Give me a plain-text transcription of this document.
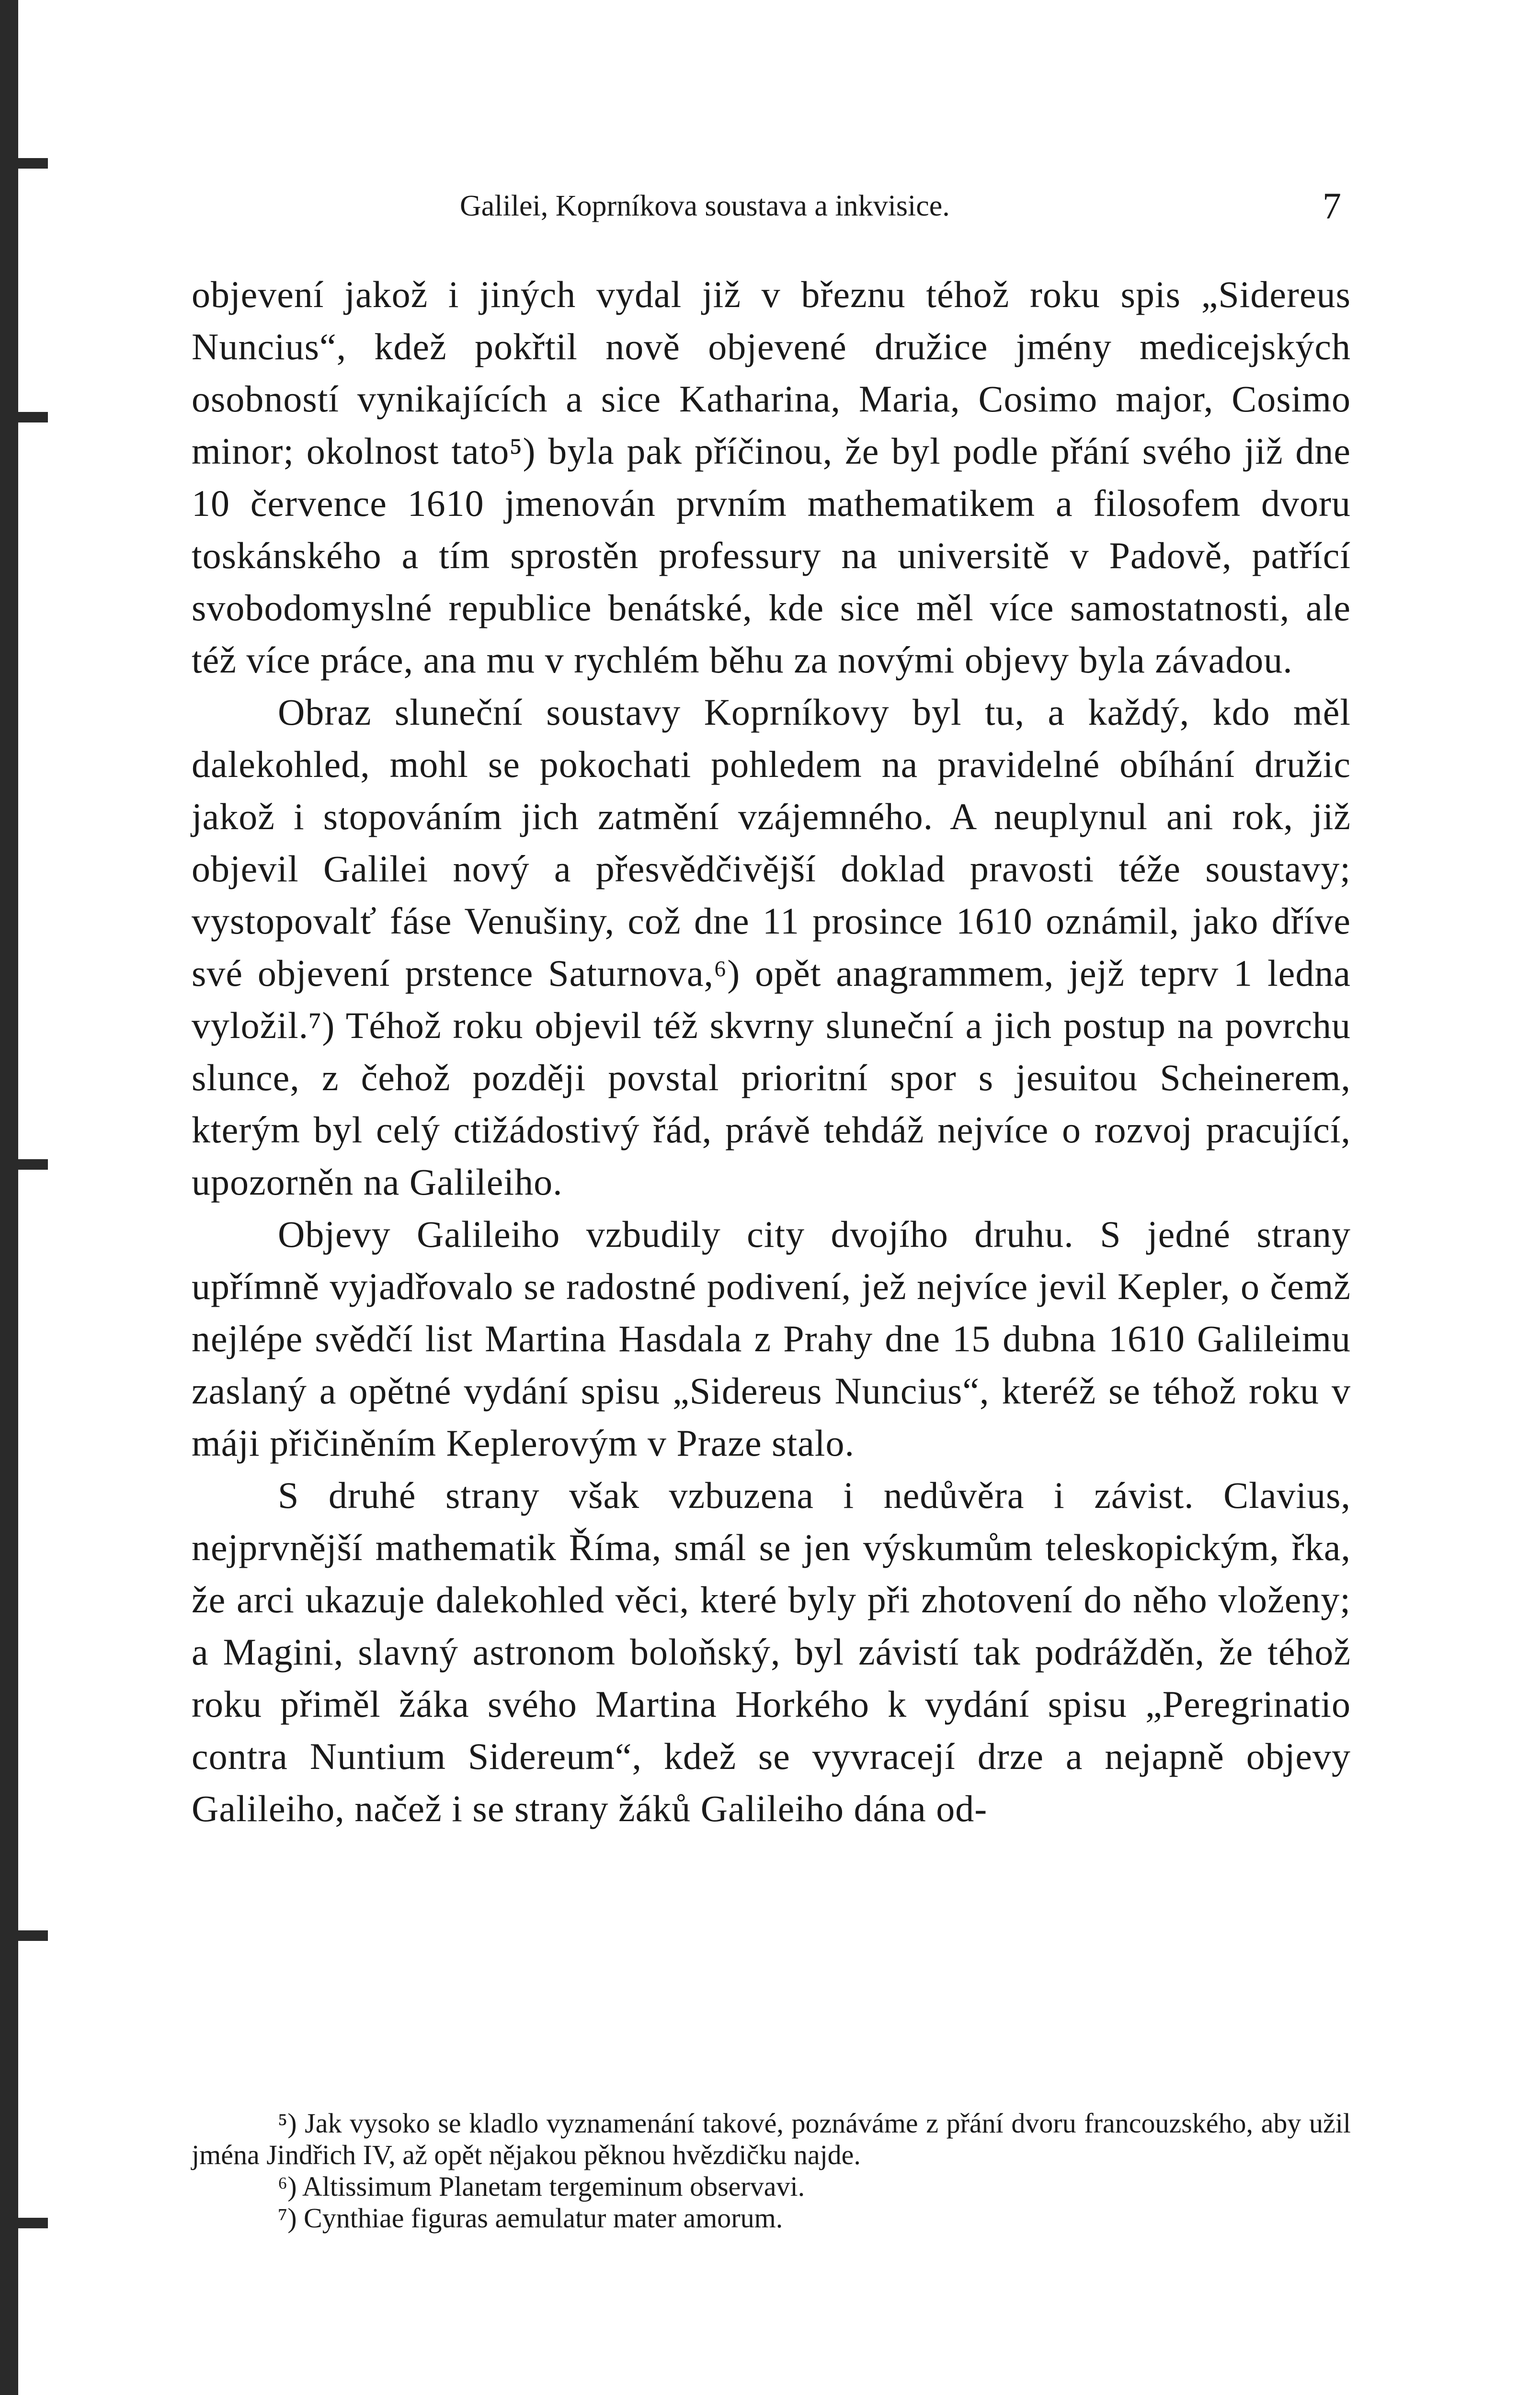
Galilei, Koprníkova soustava a inkvisice.	7

objevení jakož i jiných vydal již v březnu téhož roku spis „Sidereus Nuncius“, kdež pokřtil nově objevené družice jmény medicejských osobností vynikajících a sice Katharina, Maria, Cosimo major, Cosimo minor; okolnost tato⁵) byla pak příčinou, že byl podle přání svého již dne 10 července 1610 jmenován prvním mathematikem a filosofem dvoru toskánského a tím sprostěn professury na universitě v Padově, patřící svobodomyslné republice benátské, kde sice měl více samostatnosti, ale též více práce, ana mu v rychlém běhu za novými objevy byla závadou.

Obraz sluneční soustavy Koprníkovy byl tu, a každý, kdo měl dalekohled, mohl se pokochati pohledem na pravidelné obíhání družic jakož i stopováním jich zatmění vzájemného. A neuplynul ani rok, již objevil Galilei nový a přesvědčivější doklad pravosti téže soustavy; vystopovalť fáse Venušiny, což dne 11 prosince 1610 oznámil, jako dříve své objevení prstence Saturnova,⁶) opět anagrammem, jejž teprv 1 ledna vyložil.⁷) Téhož roku objevil též skvrny sluneční a jich postup na povrchu slunce, z čehož později povstal prioritní spor s jesuitou Scheinerem, kterým byl celý ctižádostivý řád, právě tehdáž nejvíce o rozvoj pracující, upozorněn na Galileiho.

Objevy Galileiho vzbudily city dvojího druhu. S jedné strany upřímně vyjadřovalo se radostné podivení, jež nejvíce jevil Kepler, o čemž nejlépe svědčí list Martina Hasdala z Prahy dne 15 dubna 1610 Galileimu zaslaný a opětné vydání spisu „Sidereus Nuncius“, kteréž se téhož roku v máji přičiněním Keplerovým v Praze stalo.

S druhé strany však vzbuzena i nedůvěra i závist. Clavius, nejprvnější mathematik Říma, smál se jen výskumům teleskopickým, řka, že arci ukazuje dalekohled věci, které byly při zhotovení do něho vloženy; a Magini, slavný astronom boloňský, byl závistí tak podrážděn, že téhož roku přiměl žáka svého Martina Horkého k vydání spisu „Peregrinatio contra Nuntium Sidereum“, kdež se vyvracejí drze a nejapně objevy Galileiho, načež i se strany žáků Galileiho dána od-

⁵) Jak vysoko se kladlo vyznamenání takové, poznáváme z přání dvoru francouzského, aby užil jména Jindřich IV, až opět nějakou pěknou hvězdičku najde.

⁶) Altissimum Planetam tergeminum observavi.

⁷) Cynthiae figuras aemulatur mater amorum.
